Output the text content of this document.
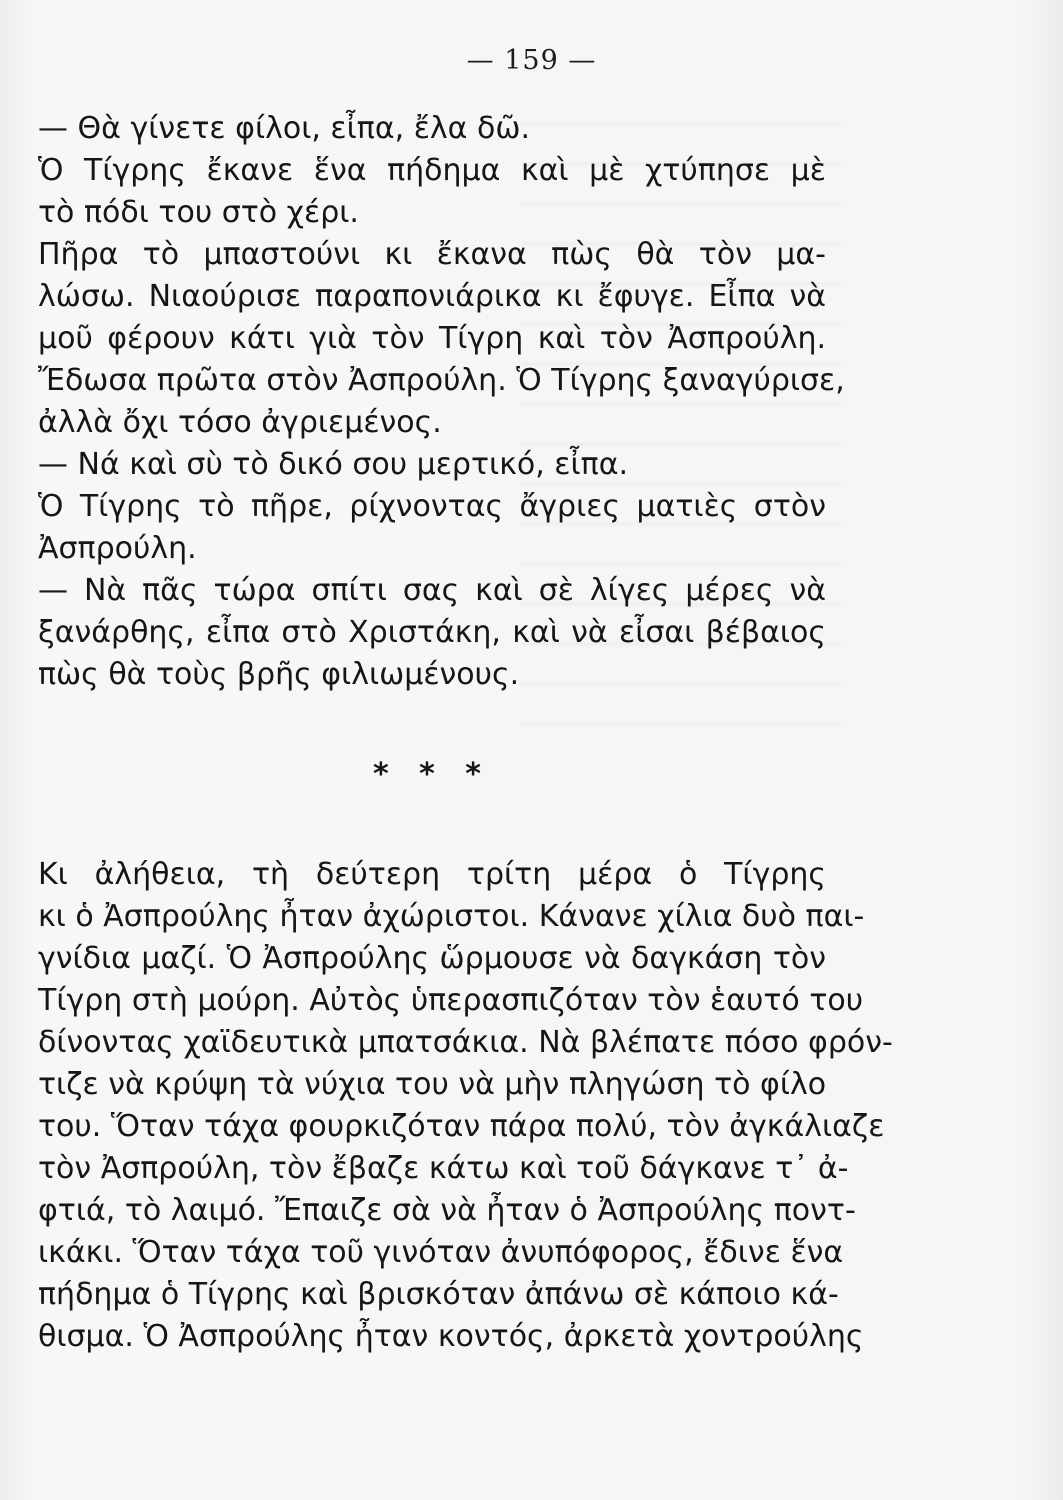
— 159 —
— Θὰ γίνετε φίλοι, εἶπα, ἔλα δῶ.
Ὁ Τίγρης ἔκανε ἕνα πήδημα καὶ μὲ χτύπησε μὲ
τὸ πόδι του στὸ χέρι.
Πῆρα τὸ μπαστούνι κι ἔκανα πὼς θὰ τὸν μα-
λώσω. Νιαούρισε παραπονιάρικα κι ἔφυγε. Εἶπα νὰ
μοῦ φέρουν κάτι γιὰ τὸν Τίγρη καὶ τὸν Ἀσπρούλη.
Ἔδωσα πρῶτα στὸν Ἀσπρούλη. Ὁ Τίγρης ξαναγύρισε,
ἀλλὰ ὄχι τόσο ἀγριεμένος.
— Νά καὶ σὺ τὸ δικό σου μερτικό, εἶπα.
Ὁ Τίγρης τὸ πῆρε, ρίχνοντας ἄγριες ματιὲς στὸν
Ἀσπρούλη.
— Νὰ πᾶς τώρα σπίτι σας καὶ σὲ λίγες μέρες νὰ
ξανάρθης, εἶπα στὸ Χριστάκη, καὶ νὰ εἶσαι βέβαιος
πὼς θὰ τοὺς βρῆς φιλιωμένους.
* * *
Κι ἀλήθεια, τὴ δεύτερη τρίτη μέρα ὁ Τίγρης
κι ὁ Ἀσπρούλης ἦταν ἀχώριστοι. Κάνανε χίλια δυὸ παι-
γνίδια μαζί. Ὁ Ἀσπρούλης ὥρμουσε νὰ δαγκάση τὸν
Τίγρη στὴ μούρη. Αὐτὸς ὑπερασπιζόταν τὸν ἑαυτό του
δίνοντας χαϊδευτικὰ μπατσάκια. Νὰ βλέπατε πόσο φρόν-
τιζε νὰ κρύψη τὰ νύχια του νὰ μὴν πληγώση τὸ φίλο
του. Ὅταν τάχα φουρκιζόταν πάρα πολύ, τὸν ἀγκάλιαζε
τὸν Ἀσπρούλη, τὸν ἔβαζε κάτω καὶ τοῦ δάγκανε τ᾿ ἀ-
φτιά, τὸ λαιμό. Ἔπαιζε σὰ νὰ ἦταν ὁ Ἀσπρούλης ποντ-
ικάκι. Ὅταν τάχα τοῦ γινόταν ἀνυπόφορος, ἔδινε ἕνα
πήδημα ὁ Τίγρης καὶ βρισκόταν ἀπάνω σὲ κάποιο κά-
θισμα. Ὁ Ἀσπρούλης ἦταν κοντός, ἀρκετὰ χοντρούλης
